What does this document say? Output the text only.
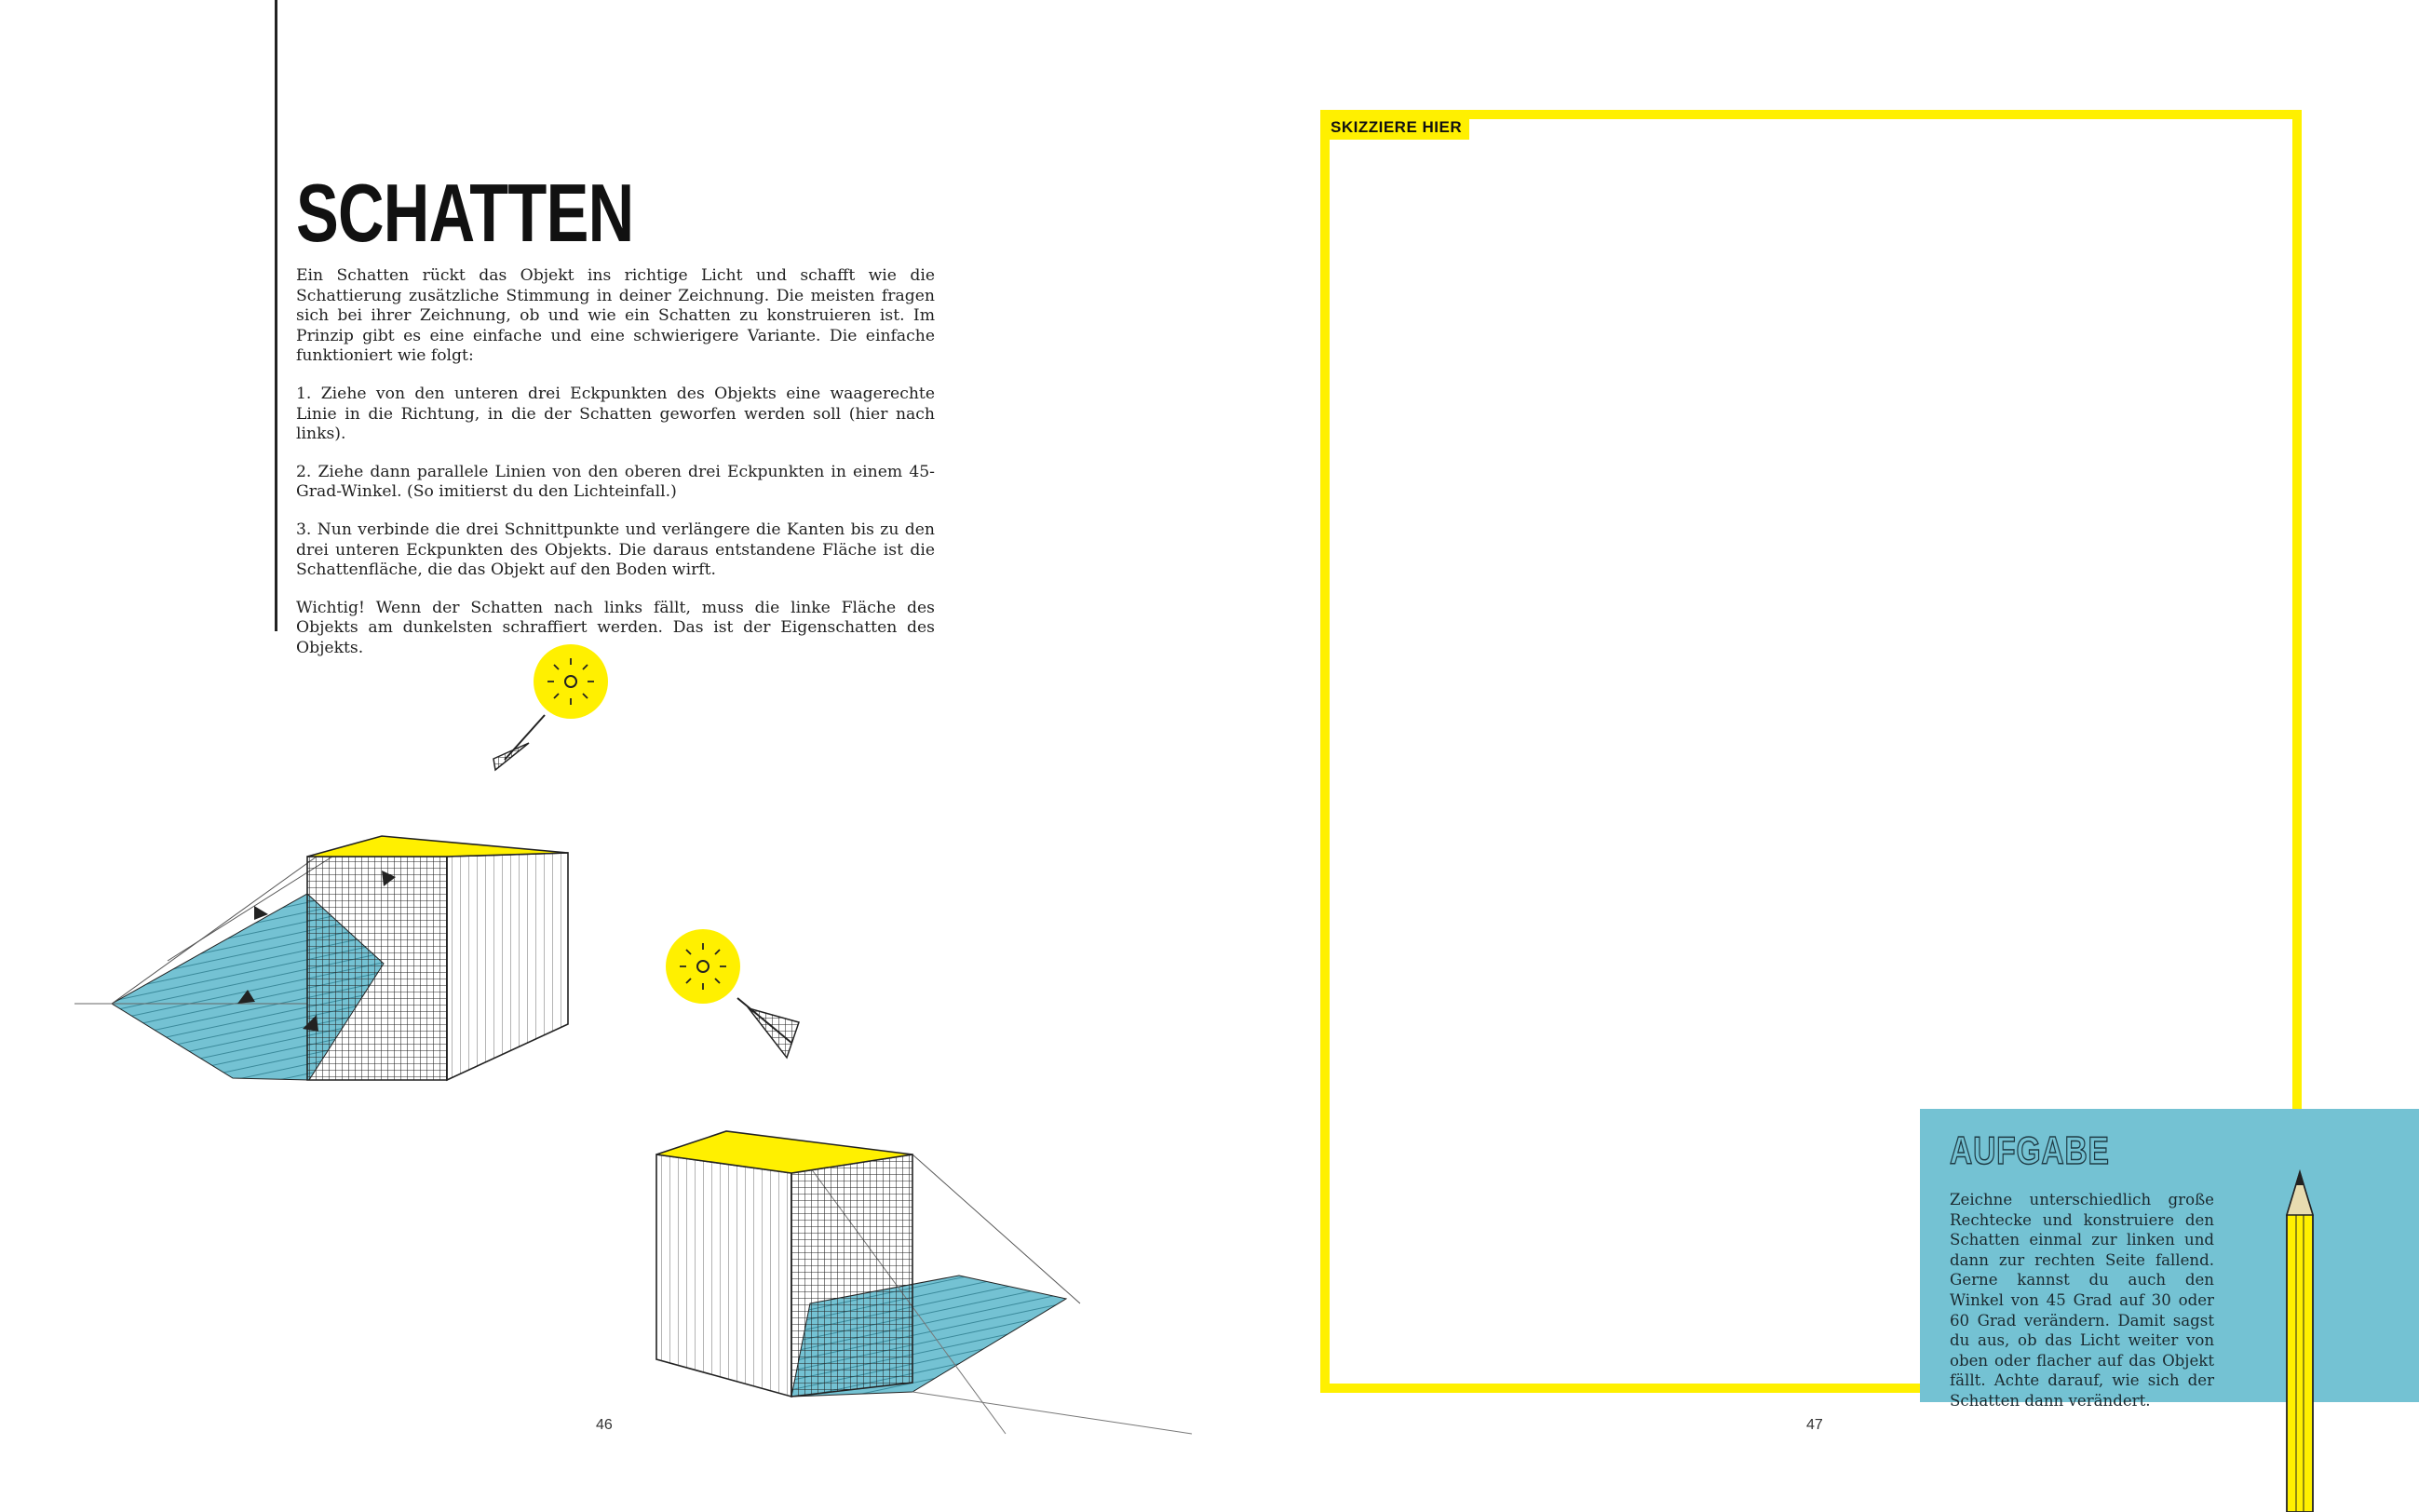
SCHATTEN

Ein Schatten rückt das Objekt ins richtige Licht und schafft wie die Schattierung zusätzliche Stimmung in deiner Zeichnung. Die meisten fragen sich bei ihrer Zeichnung, ob und wie ein Schatten zu konstruieren ist. Im Prinzip gibt es eine einfache und eine schwierigere Variante. Die einfache funktioniert wie folgt:

1. Ziehe von den unteren drei Eckpunkten des Objekts eine waagerechte Linie in die Richtung, in die der Schatten geworfen werden soll (hier nach links).

2. Ziehe dann parallele Linien von den oberen drei Eckpunkten in einem 45-Grad-Winkel. (So imitierst du den Lichteinfall.)

3. Nun verbinde die drei Schnittpunkte und verlängere die Kanten bis zu den drei unteren Eckpunkten des Objekts. Die daraus entstandene Fläche ist die Schattenfläche, die das Objekt auf den Boden wirft.

Wichtig! Wenn der Schatten nach links fällt, muss die linke Fläche des Objekts am dunkelsten schraffiert werden. Das ist der Eigenschatten des Objekts.

46
SKIZZIERE HIER
AUFGABE
Zeichne unterschiedlich große Rechtecke und konstruiere den Schatten einmal zur linken und dann zur rechten Seite fallend. Gerne kannst du auch den Winkel von 45 Grad auf 30 oder 60 Grad verändern. Damit sagst du aus, ob das Licht weiter von oben oder flacher auf das Objekt fällt. Achte darauf, wie sich der Schatten dann verändert.
47
